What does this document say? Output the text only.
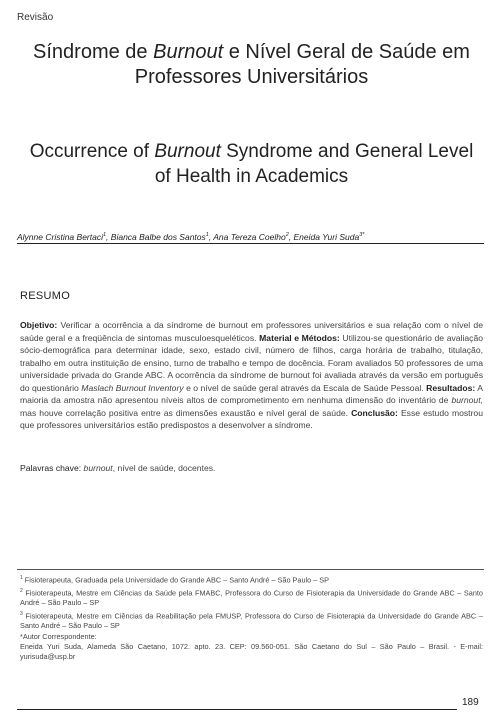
Revisão
Síndrome de Burnout e Nível Geral de Saúde em Professores Universitários
Occurrence of Burnout Syndrome and General Level of Health in Academics
Alynne Cristina Bertaci$^1$, Bianca Balbe dos Santos$^1$, Ana Tereza Coelho$^2$, Eneida Yuri Suda$^{3*}$
RESUMO
Objetivo: Verificar a ocorrência a da síndrome de burnout em professores universitários e sua relação com o nível de saúde geral e a freqüência de sintomas musculoesqueléticos. Material e Métodos: Utilizou-se questionário de avaliação sócio-demográfica para determinar idade, sexo, estado civil, número de filhos, carga horária de trabalho, titulação, trabalho em outra instituição de ensino, turno de trabalho e tempo de docência. Foram avaliados 50 professores de uma universidade privada do Grande ABC. A ocorrência da síndrome de burnout foi avaliada através da versão em português do questionário Maslach Burnout Inventory e o nível de saúde geral através da Escala de Saúde Pessoal. Resultados: A maioria da amostra não apresentou níveis altos de comprometimento em nenhuma dimensão do inventário de burnout, mas houve correlação positiva entre as dimensões exaustão e nível geral de saúde. Conclusão: Esse estudo mostrou que professores universitários estão predispostos a desenvolver a síndrome.
Palavras chave: burnout, nível de saúde, docentes.

$^1$ Fisioterapeuta, Graduada pela Universidade do Grande ABC – Santo André – São Paulo – SP

$^2$ Fisioterapeuta, Mestre em Ciências da Saúde pela FMABC, Professora do Curso de Fisioterapia da Universidade do Grande ABC – Santo André – São Paulo – SP

$^3$ Fisioterapeuta, Mestre em Ciências da Reabilitação pela FMUSP, Professora do Curso de Fisioterapia da Universidade do Grande ABC – Santo André – São Paulo – SP

*Autor Correspondente:

Eneida Yuri Suda, Alameda São Caetano, 1072. apto. 23. CEP: 09.560-051. São Caetano do Sul – São Paulo – Brasil. - E-mail: yurisuda@usp.br

189
